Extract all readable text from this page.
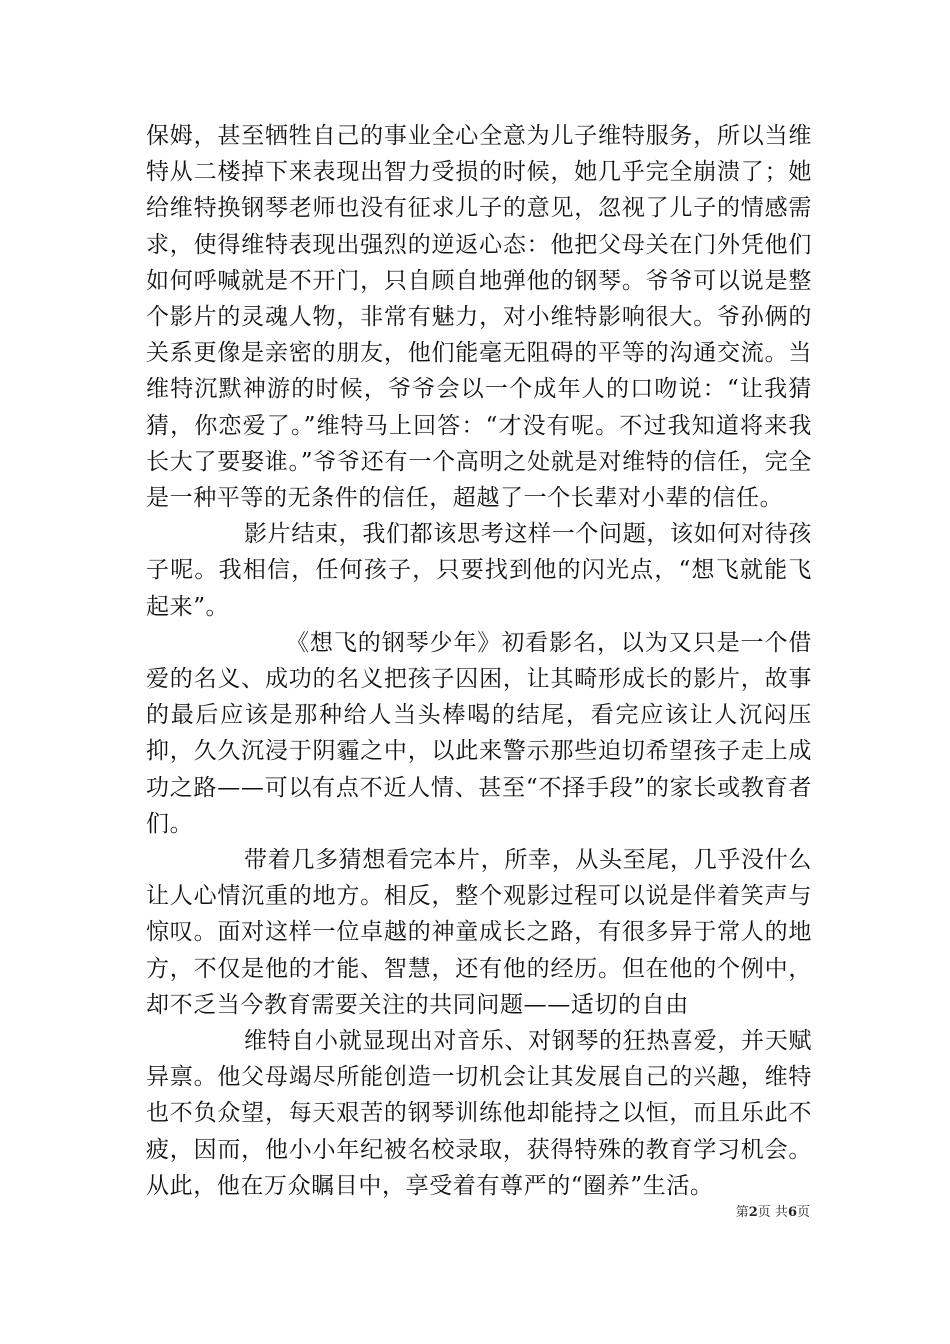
保姆，甚至牺牲自己的事业全心全意为儿子维特服务，所以当维特从二楼掉下来表现出智力受损的时候，她几乎完全崩溃了；她给维特换钢琴老师也没有征求儿子的意见，忽视了儿子的情感需求，使得维特表现出强烈的逆返心态：他把父母关在门外凭他们如何呼喊就是不开门，只自顾自地弹他的钢琴。爷爷可以说是整个影片的灵魂人物，非常有魅力，对小维特影响很大。爷孙俩的关系更像是亲密的朋友，他们能毫无阻碍的平等的沟通交流。当维特沉默神游的时候，爷爷会以一个成年人的口吻说：“让我猜猜，你恋爱了。”维特马上回答：“才没有呢。不过我知道将来我长大了要娶谁。”爷爷还有一个高明之处就是对维特的信任，完全是一种平等的无条件的信任，超越了一个长辈对小辈的信任。

影片结束，我们都该思考这样一个问题，该如何对待孩子呢。我相信，任何孩子，只要找到他的闪光点，“想飞就能飞起来”。

《想飞的钢琴少年》初看影名，以为又只是一个借爱的名义、成功的名义把孩子囚困，让其畸形成长的影片，故事的最后应该是那种给人当头棒喝的结尾，看完应该让人沉闷压抑，久久沉浸于阴霾之中，以此来警示那些迫切希望孩子走上成功之路——可以有点不近人情、甚至“不择手段”的家长或教育者们。

带着几多猜想看完本片，所幸，从头至尾，几乎没什么让人心情沉重的地方。相反，整个观影过程可以说是伴着笑声与惊叹。面对这样一位卓越的神童成长之路，有很多异于常人的地方，不仅是他的才能、智慧，还有他的经历。但在他的个例中，却不乏当今教育需要关注的共同问题——适切的自由

维特自小就显现出对音乐、对钢琴的狂热喜爱，并天赋异禀。他父母竭尽所能创造一切机会让其发展自己的兴趣，维特也不负众望，每天艰苦的钢琴训练他却能持之以恒，而且乐此不疲，因而，他小小年纪被名校录取，获得特殊的教育学习机会。从此，他在万众瞩目中，享受着有尊严的“圈养”生活。

第2页 共6页
